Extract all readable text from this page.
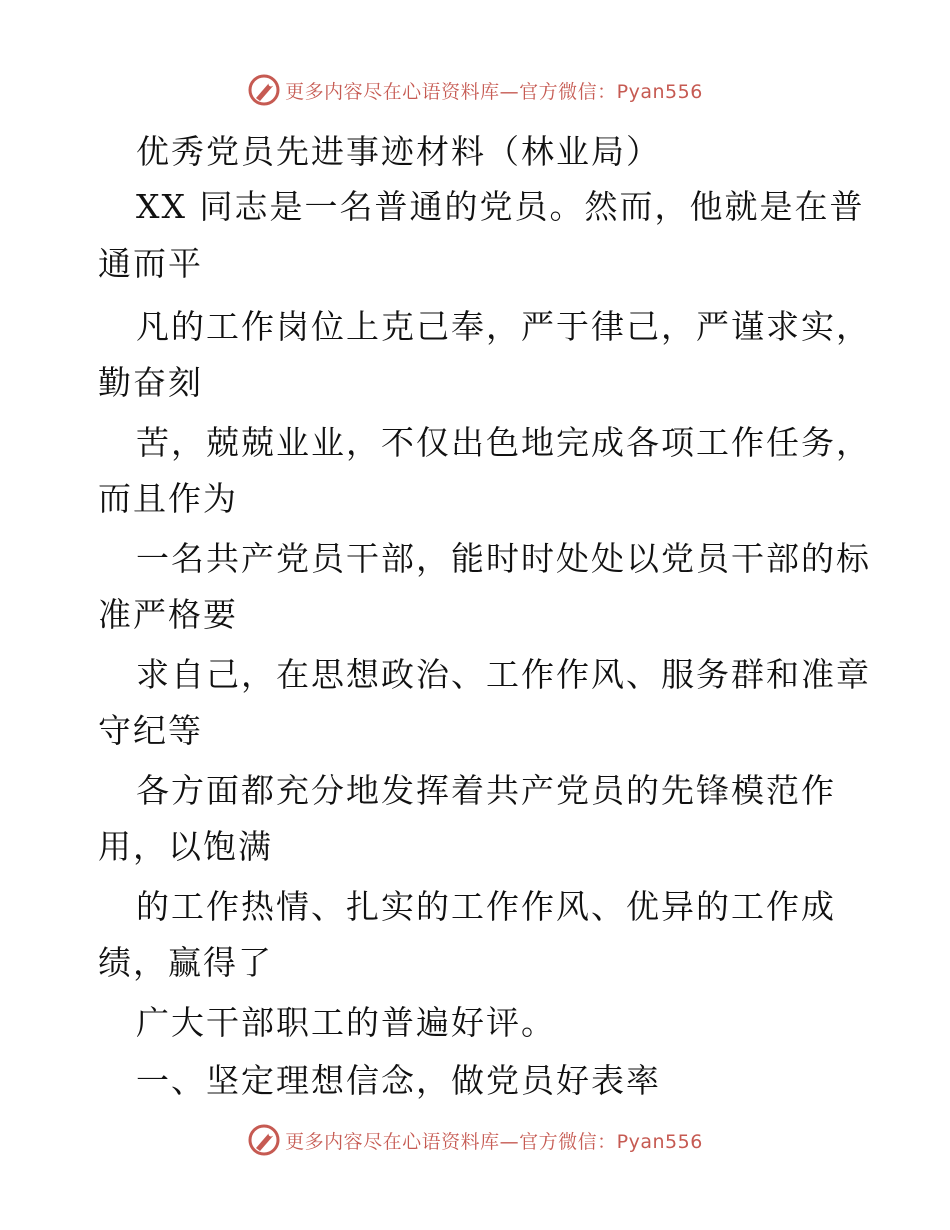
更多内容尽在心语资料库—官方微信：Pyan556
优秀党员先进事迹材料（林业局）
XX 同志是一名普通的党员。然而，他就是在普
通而平
凡的工作岗位上克己奉，严于律己，严谨求实，
勤奋刻
苦，兢兢业业，不仅出色地完成各项工作任务，
而且作为
一名共产党员干部，能时时处处以党员干部的标
准严格要
求自己，在思想政治、工作作风、服务群和准章
守纪等
各方面都充分地发挥着共产党员的先锋模范作
用，以饱满
的工作热情、扎实的工作作风、优异的工作成
绩，赢得了
广大干部职工的普遍好评。
一、坚定理想信念，做党员好表率
更多内容尽在心语资料库—官方微信：Pyan556
